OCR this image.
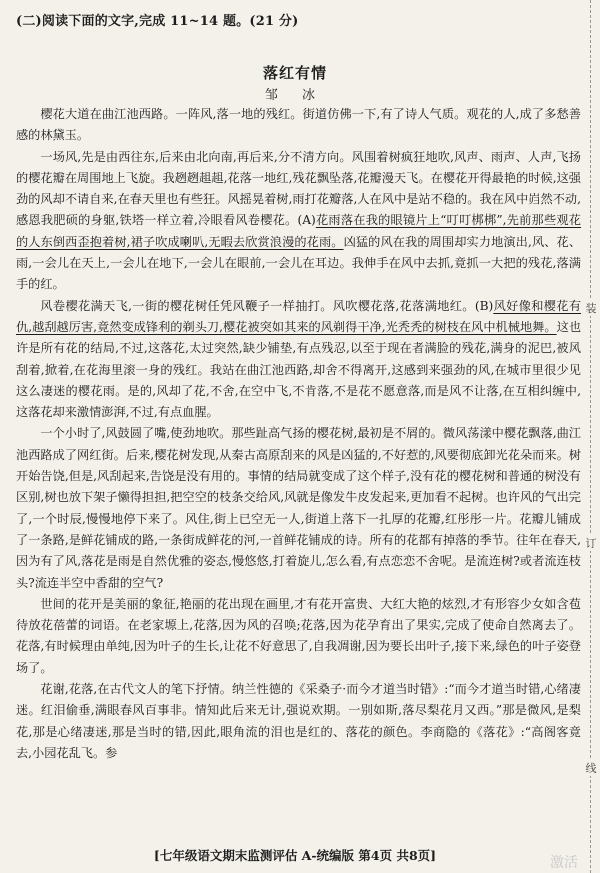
装
订
线
(二)阅读下面的文字,完成 11~14 题。(21 分)
落红有情
邹 冰

樱花大道在曲江池西路。一阵风,落一地的残红。街道仿佛一下,有了诗人气质。观花的人,成了多愁善感的林黛玉。

一场风,先是由西往东,后来由北向南,再后来,分不清方向。风围着树疯狂地吹,风声、雨声、人声,飞扬的樱花瓣在周围地上飞旋。我趔趔趄趄,花落一地红,残花飘坠落,花瓣漫天飞。在樱花开得最艳的时候,这强劲的风却不请自来,在春天里也有些狂。风摇晃着树,雨打花瓣落,人在风中是站不稳的。我在风中岿然不动,感恩我肥硕的身躯,铁塔一样立着,冷眼看风卷樱花。(A)花雨落在我的眼镜片上“叮叮梆梆”,先前那些观花的人东倒西歪抱着树,裙子吹成喇叭,无暇去欣赏浪漫的花雨。凶猛的风在我的周围却实力地演出,风、花、雨,一会儿在天上,一会儿在地下,一会儿在眼前,一会儿在耳边。我伸手在风中去抓,竟抓一大把的残花,落满手的红。

风卷樱花满天飞,一街的樱花树任凭风鞭子一样抽打。风吹樱花落,花落满地红。(B)风好像和樱花有仇,越刮越厉害,竟然变成锋利的剃头刀,樱花被突如其来的风剃得干净,光秃秃的树枝在风中机械地舞。这也许是所有花的结局,不过,这落花,太过突然,缺少铺垫,有点残忍,以至于现在者满脸的残花,满身的泥巴,被风刮着,掀着,在花海里滚一身的残红。我站在曲江池西路,却舍不得离开,这感到来强劲的风,在城市里很少见这么凄迷的樱花雨。是的,风却了花,不舍,在空中飞,不肯落,不是花不愿意落,而是风不让落,在互相纠缠中,这落花却来激情澎湃,不过,有点血腥。

一个小时了,风鼓圆了嘴,使劲地吹。那些趾高气扬的樱花树,最初是不屑的。微风荡漾中樱花飘落,曲江池西路成了网红街。后来,樱花树发现,从秦古高原刮来的风是凶猛的,不好惹的,风要彻底卸光花朵而来。树开始告饶,但是,风刮起来,告饶是没有用的。事情的结局就变成了这个样子,没有花的樱花树和普通的树没有区别,树也放下架子懒得担担,把空空的枝条交给风,风就是像发牛皮发起来,更加看不起树。也许风的气出完了,一个时辰,慢慢地停下来了。风住,街上已空无一人,街道上落下一扎厚的花瓣,红彤彤一片。花瓣儿铺成了一条路,是鲜花铺成的路,一条街成鲜花的河,一首鲜花铺成的诗。所有的花都有掉落的季节。往年在春天,因为有了风,落花是雨是自然优雅的姿态,慢悠悠,打着旋儿,怎么看,有点恋恋不舍呢。是流连树?或者流连枝头?流连半空中香甜的空气?

世间的花开是美丽的象征,艳丽的花出现在画里,才有花开富贵、大红大艳的炫烈,才有形容少女如含苞待放花蓓蕾的词语。在老家塬上,花落,因为风的召唤;花落,因为花孕育出了果实,完成了使命自然离去了。花落,有时候理由单纯,因为叶子的生长,让花不好意思了,自我凋谢,因为要长出叶子,接下来,绿色的叶子姿登场了。

花谢,花落,在古代文人的笔下抒情。纳兰性德的《采桑子·而今才道当时错》:“而今才道当时错,心绪凄迷。红泪偷垂,满眼春风百事非。情知此后来无计,强说欢期。一别如斯,落尽梨花月又西。”那是微风,是梨花,那是心绪凄迷,那是当时的错,因此,眼角流的泪也是红的、落花的颜色。李商隐的《落花》:“高阁客竟去,小园花乱飞。参

[七年级语文期末监测评估 A-统编版 第4页 共8页]	激活
